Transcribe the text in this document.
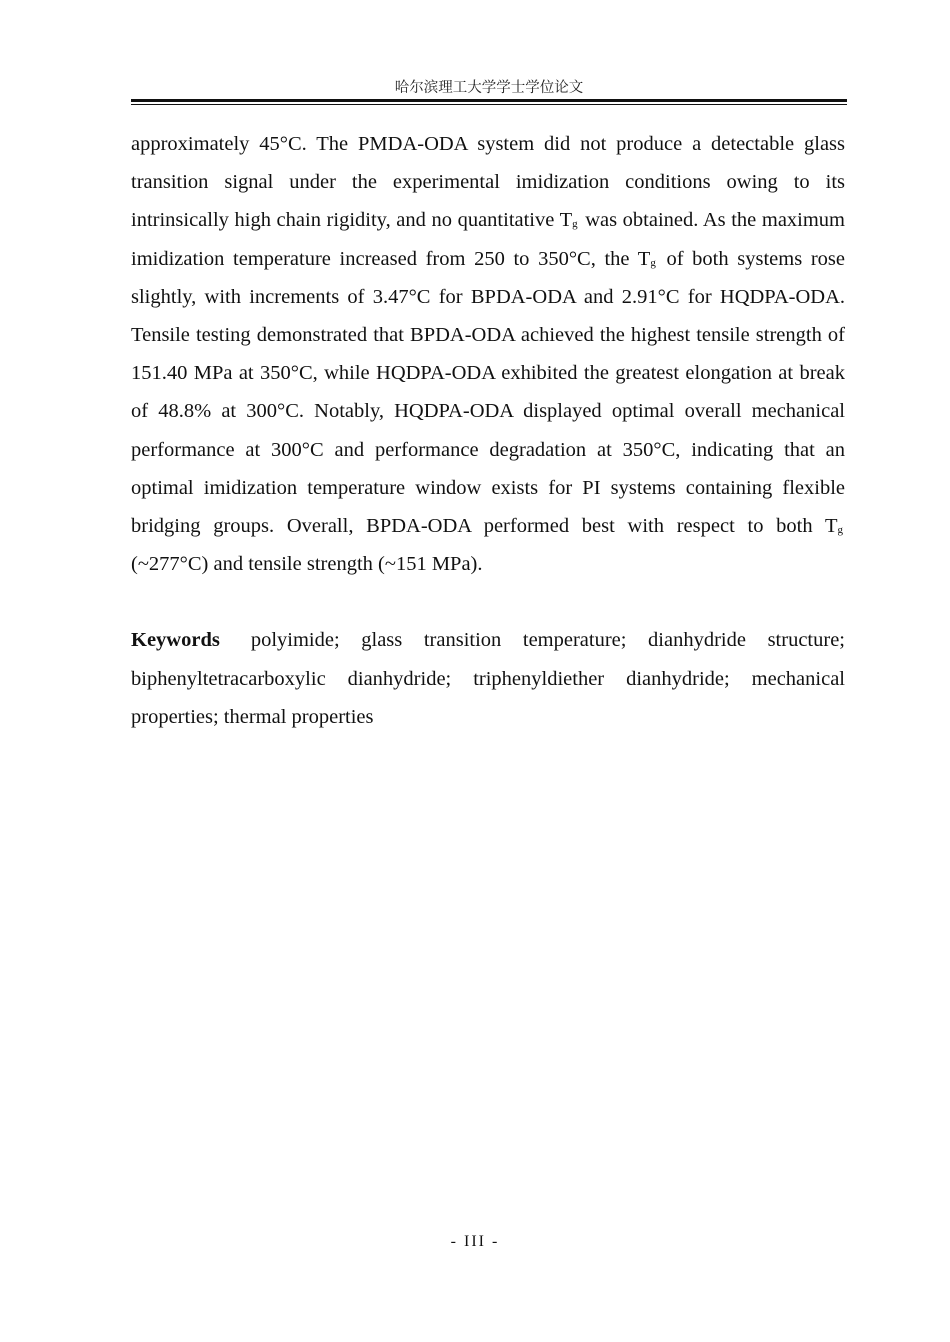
哈尔滨理工大学学士学位论文

approximately 45°C. The PMDA-ODA system did not produce a detectable glass transition signal under the experimental imidization conditions owing to its intrinsically high chain rigidity, and no quantitative $T_g$ was obtained. As the maximum imidization temperature increased from 250 to 350°C, the $T_g$ of both systems rose slightly, with increments of 3.47°C for BPDA-ODA and 2.91°C for HQDPA-ODA. Tensile testing demonstrated that BPDA-ODA achieved the highest tensile strength of 151.40 MPa at 350°C, while HQDPA-ODA exhibited the greatest elongation at break of 48.8% at 300°C. Notably, HQDPA-ODA displayed optimal overall mechanical performance at 300°C and performance degradation at 350°C, indicating that an optimal imidization temperature window exists for PI systems containing flexible bridging groups. Overall, BPDA-ODA performed best with respect to both $T_g$ (~277°C) and tensile strength (~151 MPa).

Keywords polyimide; glass transition temperature; dianhydride structure; biphenyltetracarboxylic dianhydride; triphenyldiether dianhydride; mechanical properties; thermal properties

- III -
